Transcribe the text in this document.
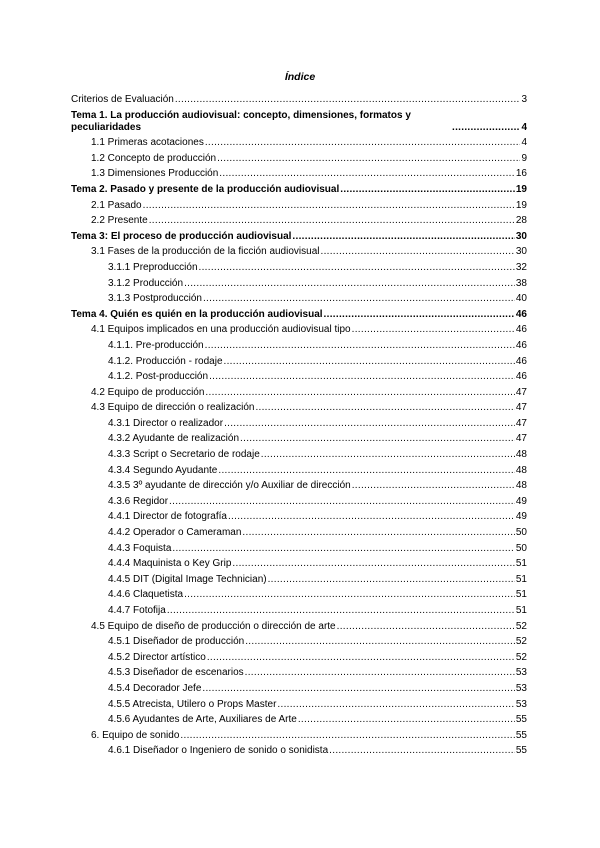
Índice
Criterios de Evaluación .....	3
Tema 1. La producción audiovisual: concepto, dimensiones, formatos y peculiaridades .....	4
1.1 Primeras acotaciones .....	4
1.2 Concepto de producción .....	9
1.3 Dimensiones Producción .....	16
Tema 2. Pasado y presente de la producción audiovisual .....	19
2.1 Pasado .....	19
2.2 Presente .....	28
Tema 3: El proceso de producción audiovisual .....	30
3.1 Fases de la producción de la ficción audiovisual .....	30
3.1.1 Preproducción .....	32
3.1.2 Producción .....	38
3.1.3 Postproducción .....	40
Tema 4. Quién es quién en la producción audiovisual .....	46
4.1 Equipos implicados en una producción audiovisual tipo .....	46
4.1.1. Pre-producción .....	46
4.1.2. Producción - rodaje .....	46
4.1.2. Post-producción .....	46
4.2 Equipo de producción .....	47
4.3 Equipo de dirección o realización .....	47
4.3.1 Director o realizador .....	47
4.3.2 Ayudante de realización .....	47
4.3.3 Script o Secretario de rodaje .....	48
4.3.4 Segundo Ayudante .....	48
4.3.5 3º ayudante de dirección y/o Auxiliar de dirección .....	48
4.3.6 Regidor .....	49
4.4.1 Director de fotografía .....	49
4.4.2 Operador o Cameraman .....	50
4.4.3 Foquista .....	50
4.4.4 Maquinista o Key Grip .....	51
4.4.5 DIT (Digital Image Technician) .....	51
4.4.6 Claquetista .....	51
4.4.7 Fotofija .....	51
4.5 Equipo de diseño de producción o dirección de arte .....	52
4.5.1 Diseñador de producción .....	52
4.5.2 Director artístico .....	52
4.5.3 Diseñador de escenarios .....	53
4.5.4 Decorador Jefe .....	53
4.5.5 Atrecista, Utilero o Props Master .....	53
4.5.6 Ayudantes de Arte, Auxiliares de Arte .....	55
6. Equipo de sonido .....	55
4.6.1 Diseñador o Ingeniero de sonido o sonidista .....	55
